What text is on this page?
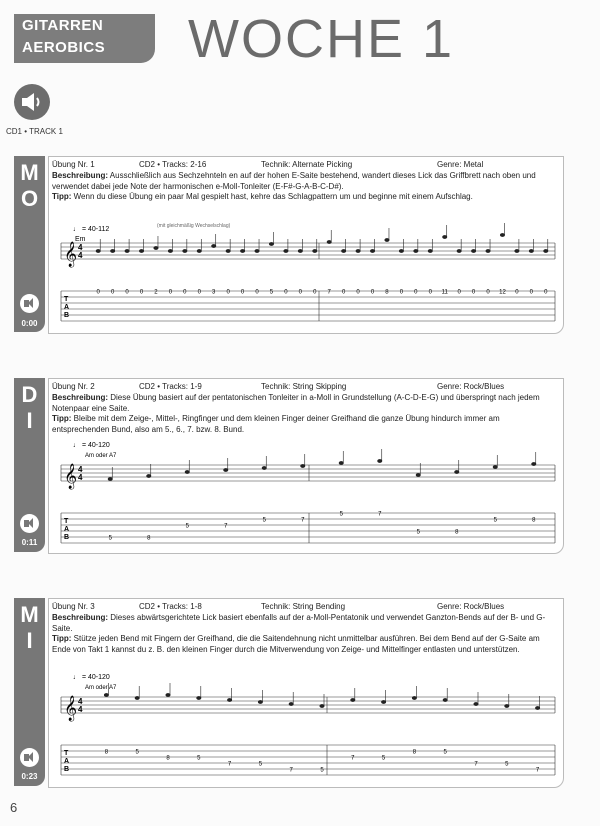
GITARREN
AEROBICS WOCHE 1
CD1 • TRACK 1
M
O
0:00
Übung Nr. 1	CD2 • Tracks: 2-16	Technik: Alternate Picking	Genre: Metal
Beschreibung: Ausschließlich aus Sechzehnteln en auf der hohen E-Saite bestehend, wandert dieses Lick das Griffbrett nach oben und verwendet dabei jede Note der harmonischen e-Moll-Tonleiter (E-F#-G-A-B-C-D#).
Tipp: Wenn du diese Übung ein paar Mal gespielt hast, kehre das Schlagpattern um und beginne mit einem Aufschlag.
♩ = 40-112
Em
(mit gleichmäßig Wechselschlag)
𝄞 4
4
T
A
B
0 0 0 0 2 0 0 0 3 0 0 0 5 0 0 0 7 0 0 0 8 0 0 0 11 0 0 0 12 0 0 0
D
I
0:11
Übung Nr. 2	CD2 • Tracks: 1-9	Technik: String Skipping	Genre: Rock/Blues
Beschreibung: Diese Übung basiert auf der pentatonischen Tonleiter in a-Moll in Grundstellung (A-C-D-E-G) und überspringt nach jedem Notenpaar eine Saite.
Tipp: Bleibe mit dem Zeige-, Mittel-, Ringfinger und dem kleinen Finger deiner Greifhand die ganze Übung hindurch immer am entsprechenden Bund, also am 5., 6., 7. bzw. 8. Bund.
♩ = 40-120
Am oder A7
𝄞 4
4
T
A
B	5	8
5	7
5	7
5	7
5	8
5	8
M
I
0:23
Übung Nr. 3	CD2 • Tracks: 1-8	Technik: String Bending	Genre: Rock/Blues
Beschreibung: Dieses abwärtsgerichtete Lick basiert ebenfalls auf der a-Moll-Pentatonik und verwendet Ganzton-Bends auf der B- und G-Saite.
Tipp: Stütze jeden Bend mit Fingern der Greifhand, die die Saitendehnung nicht unmittelbar ausführen. Bei dem Bend auf der G-Saite am Ende von Takt 1 kannst du z. B. den kleinen Finger durch die Mitverwendung von Zeige- und Mittelfinger entlasten und unterstützen.
♩ = 40-120
Am oder A7
𝄞 4
4
T
A
B
8	5
8	5
7	5
7	5
7	5
8	5
7	5
7
6
